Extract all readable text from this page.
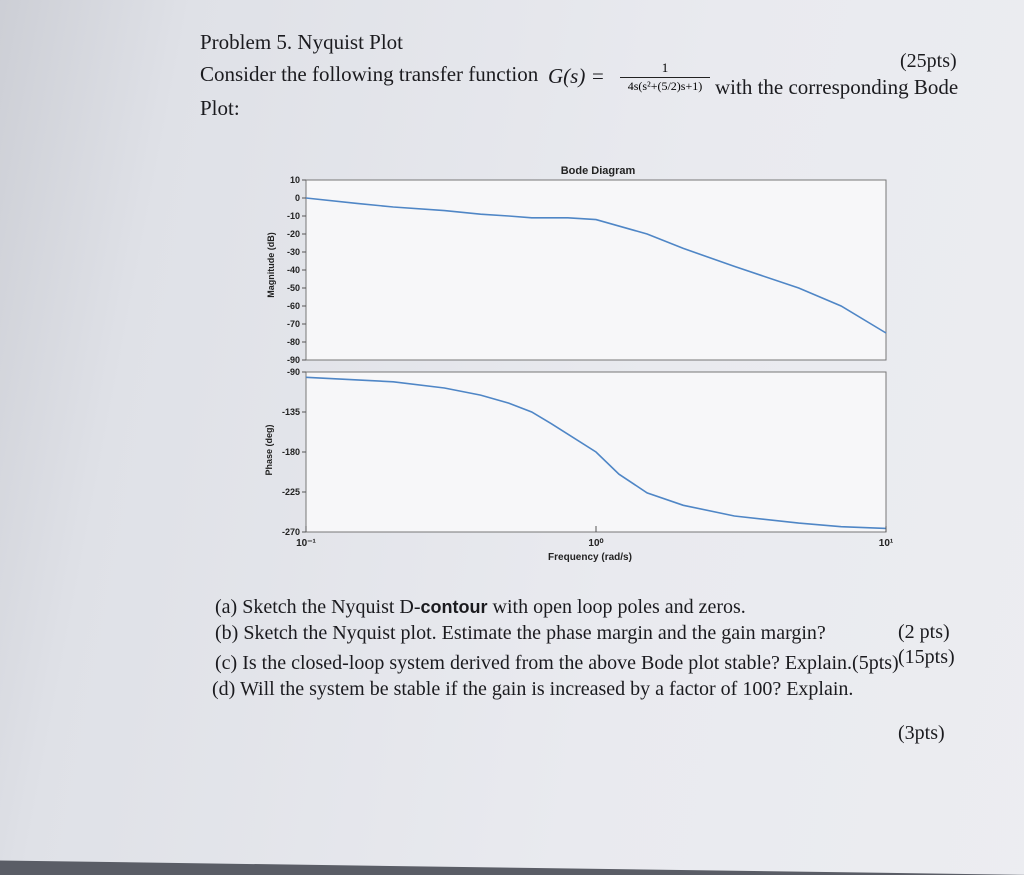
Problem 5. Nyquist Plot
(25pts)
Consider the following transfer function G(s) =	1
4s(s²+(5/2)s+1) with the corresponding Bode
Plot:
10
0
-10
-20
-30
-40
-50
-60
-70
-80
-90
-90
-135
-180
-225
-270
Bode Diagram
Frequency (rad/s)
Magnitude (dB)
Phase (deg)
10⁻¹	10⁰	10¹
(a) Sketch the Nyquist D-contour with open loop poles and zeros.
(2 pts)
(b) Sketch the Nyquist plot. Estimate the phase margin and the gain margin?
(15pts)
(c) Is the closed-loop system derived from the above Bode plot stable? Explain.(5pts)
(d) Will the system be stable if the gain is increased by a factor of 100? Explain.
(3pts)
